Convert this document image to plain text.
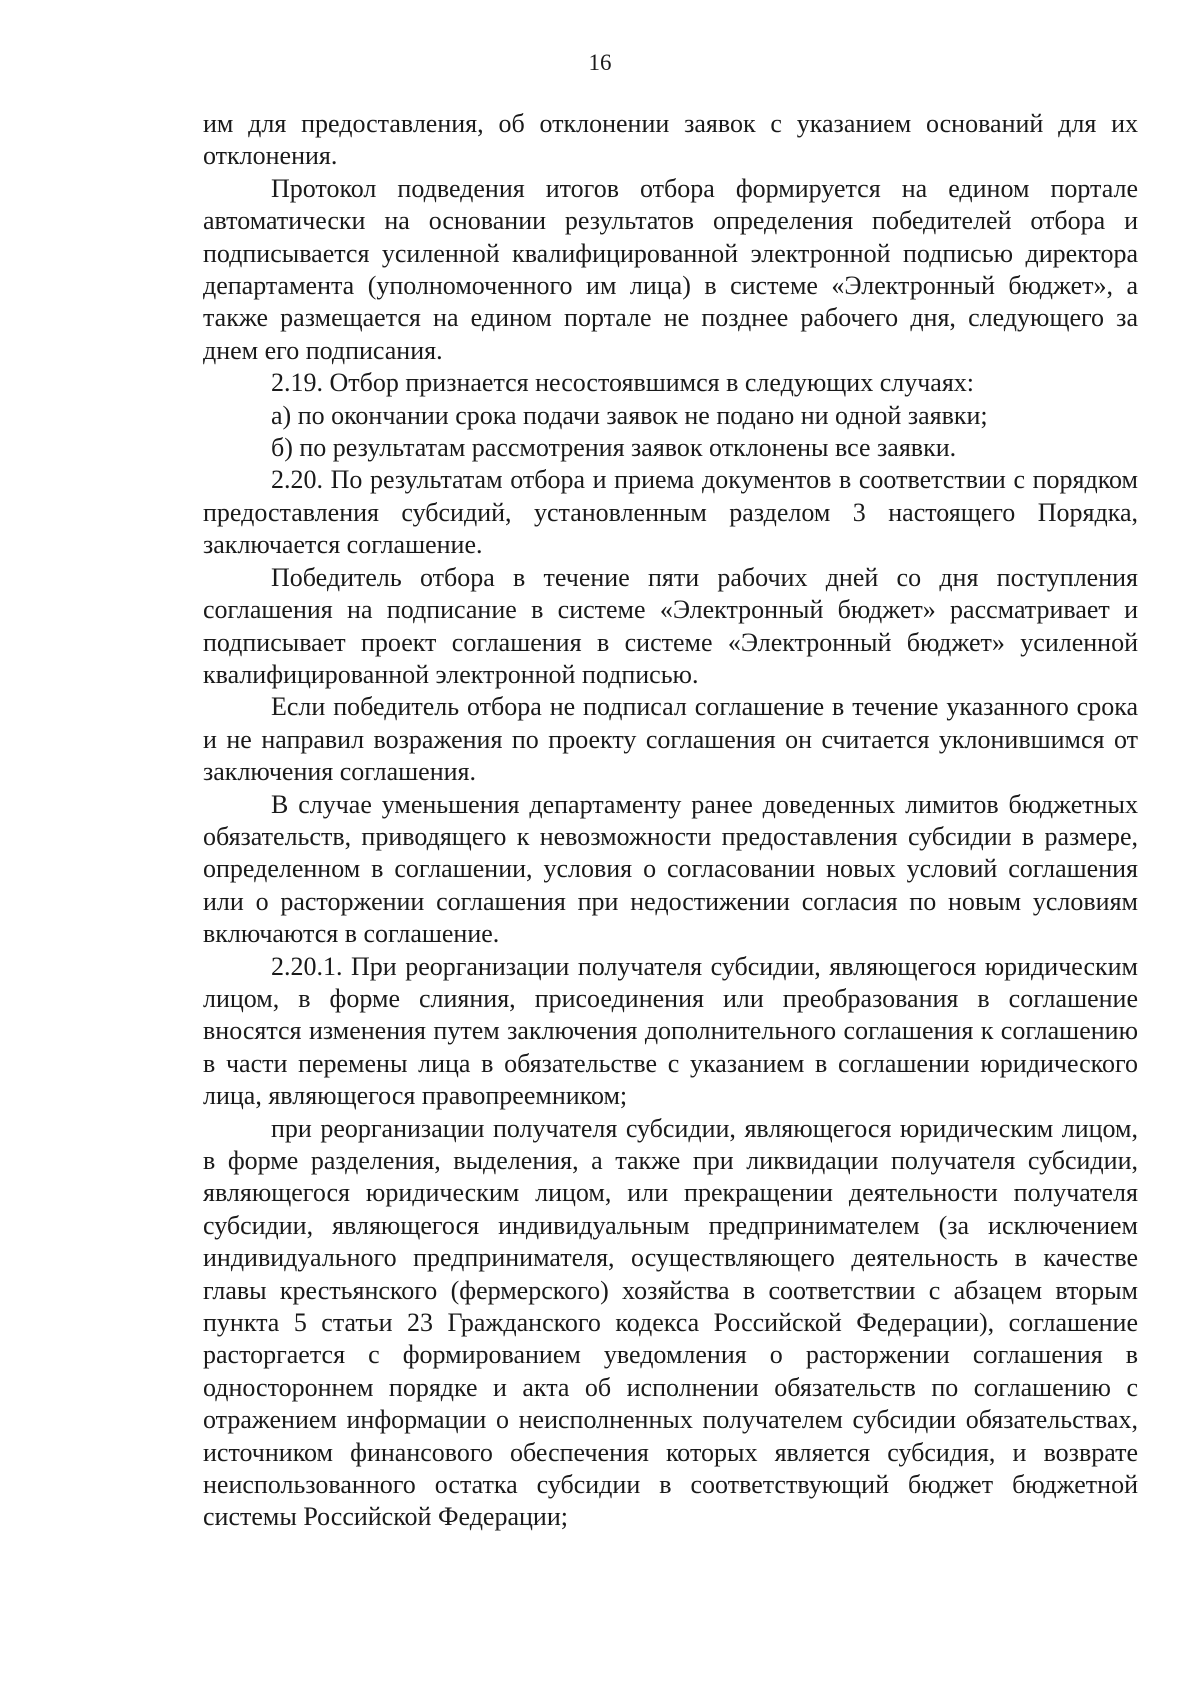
16

им для предоставления, об отклонении заявок с указанием оснований для их отклонения.

Протокол подведения итогов отбора формируется на едином портале автоматически на основании результатов определения победителей отбора и подписывается усиленной квалифицированной электронной подписью директора департамента (уполномоченного им лица) в системе «Электронный бюджет», а также размещается на едином портале не позднее рабочего дня, следующего за днем его подписания.

2.19. Отбор признается несостоявшимся в следующих случаях:

а) по окончании срока подачи заявок не подано ни одной заявки;

б) по результатам рассмотрения заявок отклонены все заявки.

2.20. По результатам отбора и приема документов в соответствии с порядком предоставления субсидий, установленным разделом 3 настоящего Порядка, заключается соглашение.

Победитель отбора в течение пяти рабочих дней со дня поступления соглашения на подписание в системе «Электронный бюджет» рассматривает и подписывает проект соглашения в системе «Электронный бюджет» усиленной квалифицированной электронной подписью.

Если победитель отбора не подписал соглашение в течение указанного срока и не направил возражения по проекту соглашения он считается уклонившимся от заключения соглашения.

В случае уменьшения департаменту ранее доведенных лимитов бюджетных обязательств, приводящего к невозможности предоставления субсидии в размере, определенном в соглашении, условия о согласовании новых условий соглашения или о расторжении соглашения при недостижении согласия по новым условиям включаются в соглашение.

2.20.1. При реорганизации получателя субсидии, являющегося юридическим лицом, в форме слияния, присоединения или преобразования в соглашение вносятся изменения путем заключения дополнительного соглашения к соглашению в части перемены лица в обязательстве с указанием в соглашении юридического лица, являющегося правопреемником;

при реорганизации получателя субсидии, являющегося юридическим лицом, в форме разделения, выделения, а также при ликвидации получателя субсидии, являющегося юридическим лицом, или прекращении деятельности получателя субсидии, являющегося индивидуальным предпринимателем (за исключением индивидуального предпринимателя, осуществляющего деятельность в качестве главы крестьянского (фермерского) хозяйства в соответствии с абзацем вторым пункта 5 статьи 23 Гражданского кодекса Российской Федерации), соглашение расторгается с формированием уведомления о расторжении соглашения в одностороннем порядке и акта об исполнении обязательств по соглашению с отражением информации о неисполненных получателем субсидии обязательствах, источником финансового обеспечения которых является субсидия, и возврате неиспользованного остатка субсидии в соответствующий бюджет бюджетной системы Российской Федерации;
